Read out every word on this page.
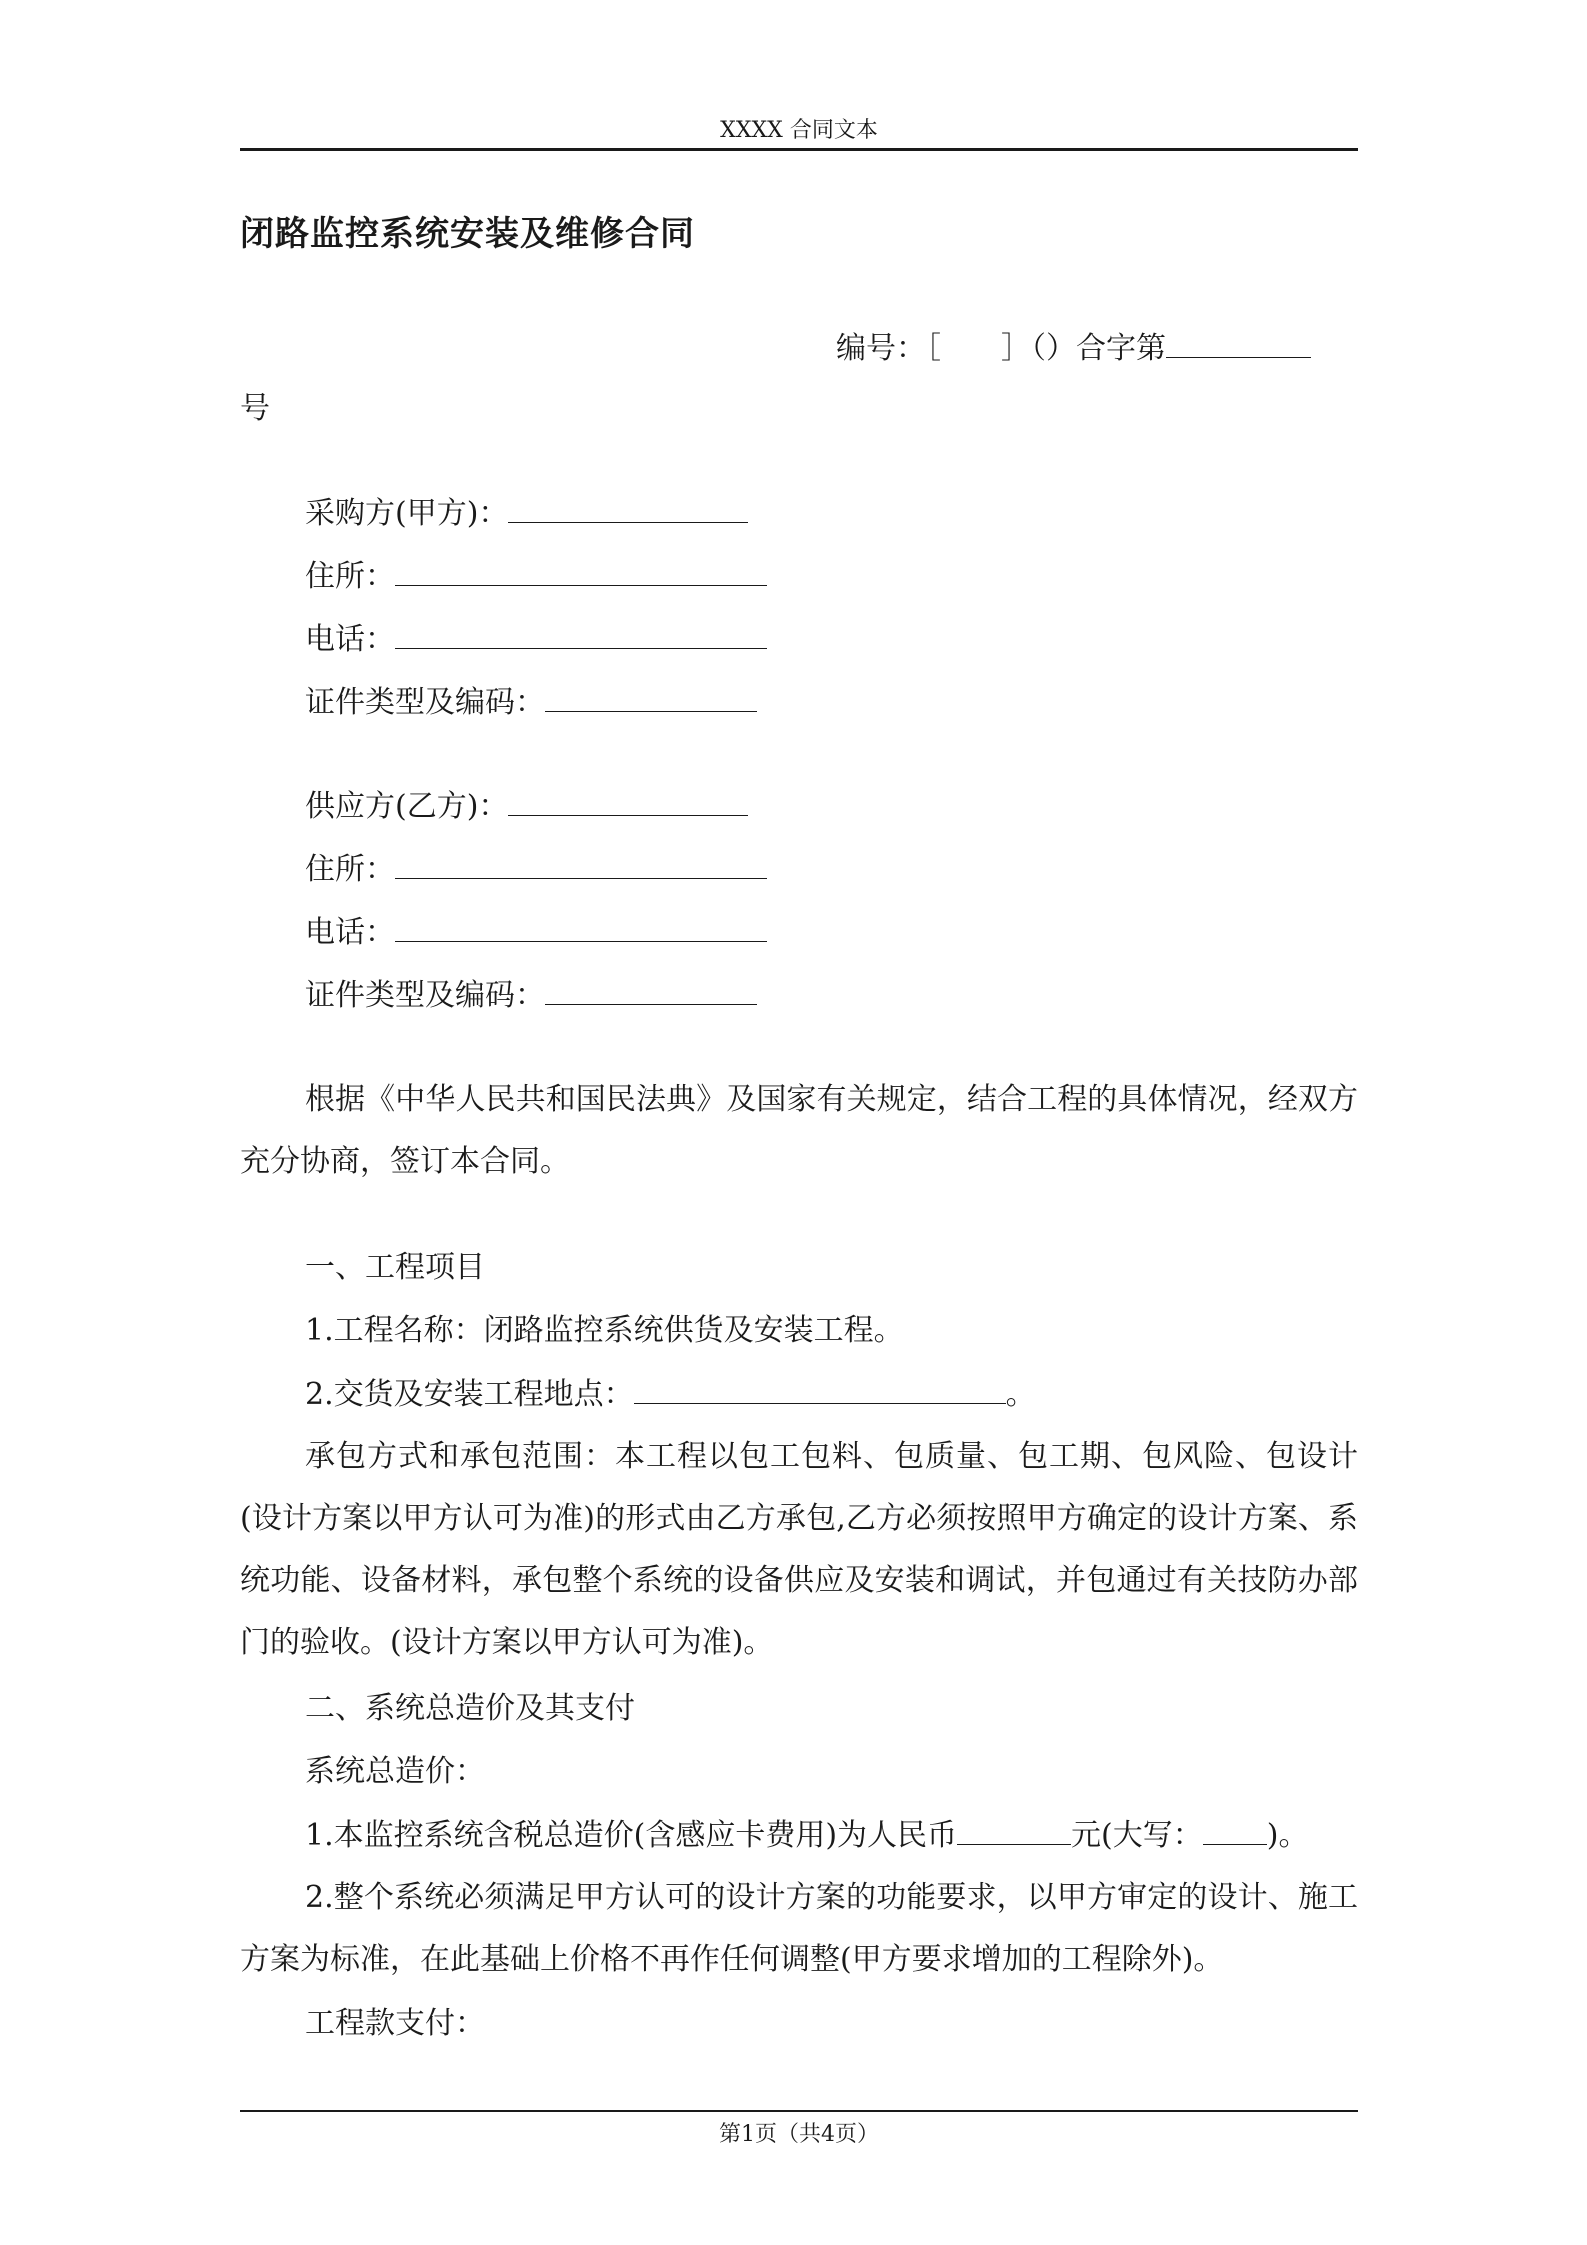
XXXX 合同文本
闭路监控系统安装及维修合同
编号：［　　］（）合字第
号
采购方(甲方)：
住所：
电话：
证件类型及编码：
供应方(乙方)：
住所：
电话：
证件类型及编码：
根据《中华人民共和国民法典》及国家有关规定，结合工程的具体情况，经双方充分协商，签订本合同。
一、工程项目
1.工程名称：闭路监控系统供货及安装工程。
2.交货及安装工程地点：	。
承包方式和承包范围：本工程以包工包料、包质量、包工期、包风险、包设计(设计方案以甲方认可为准)的形式由乙方承包,乙方必须按照甲方确定的设计方案、系统功能、设备材料，承包整个系统的设备供应及安装和调试，并包通过有关技防办部门的验收。(设计方案以甲方认可为准)。
二、系统总造价及其支付
系统总造价：
1.本监控系统含税总造价(含感应卡费用)为人民币	元(大写： )。
2.整个系统必须满足甲方认可的设计方案的功能要求，以甲方审定的设计、施工方案为标准，在此基础上价格不再作任何调整(甲方要求增加的工程除外)。
工程款支付：
第1页（共4页）
